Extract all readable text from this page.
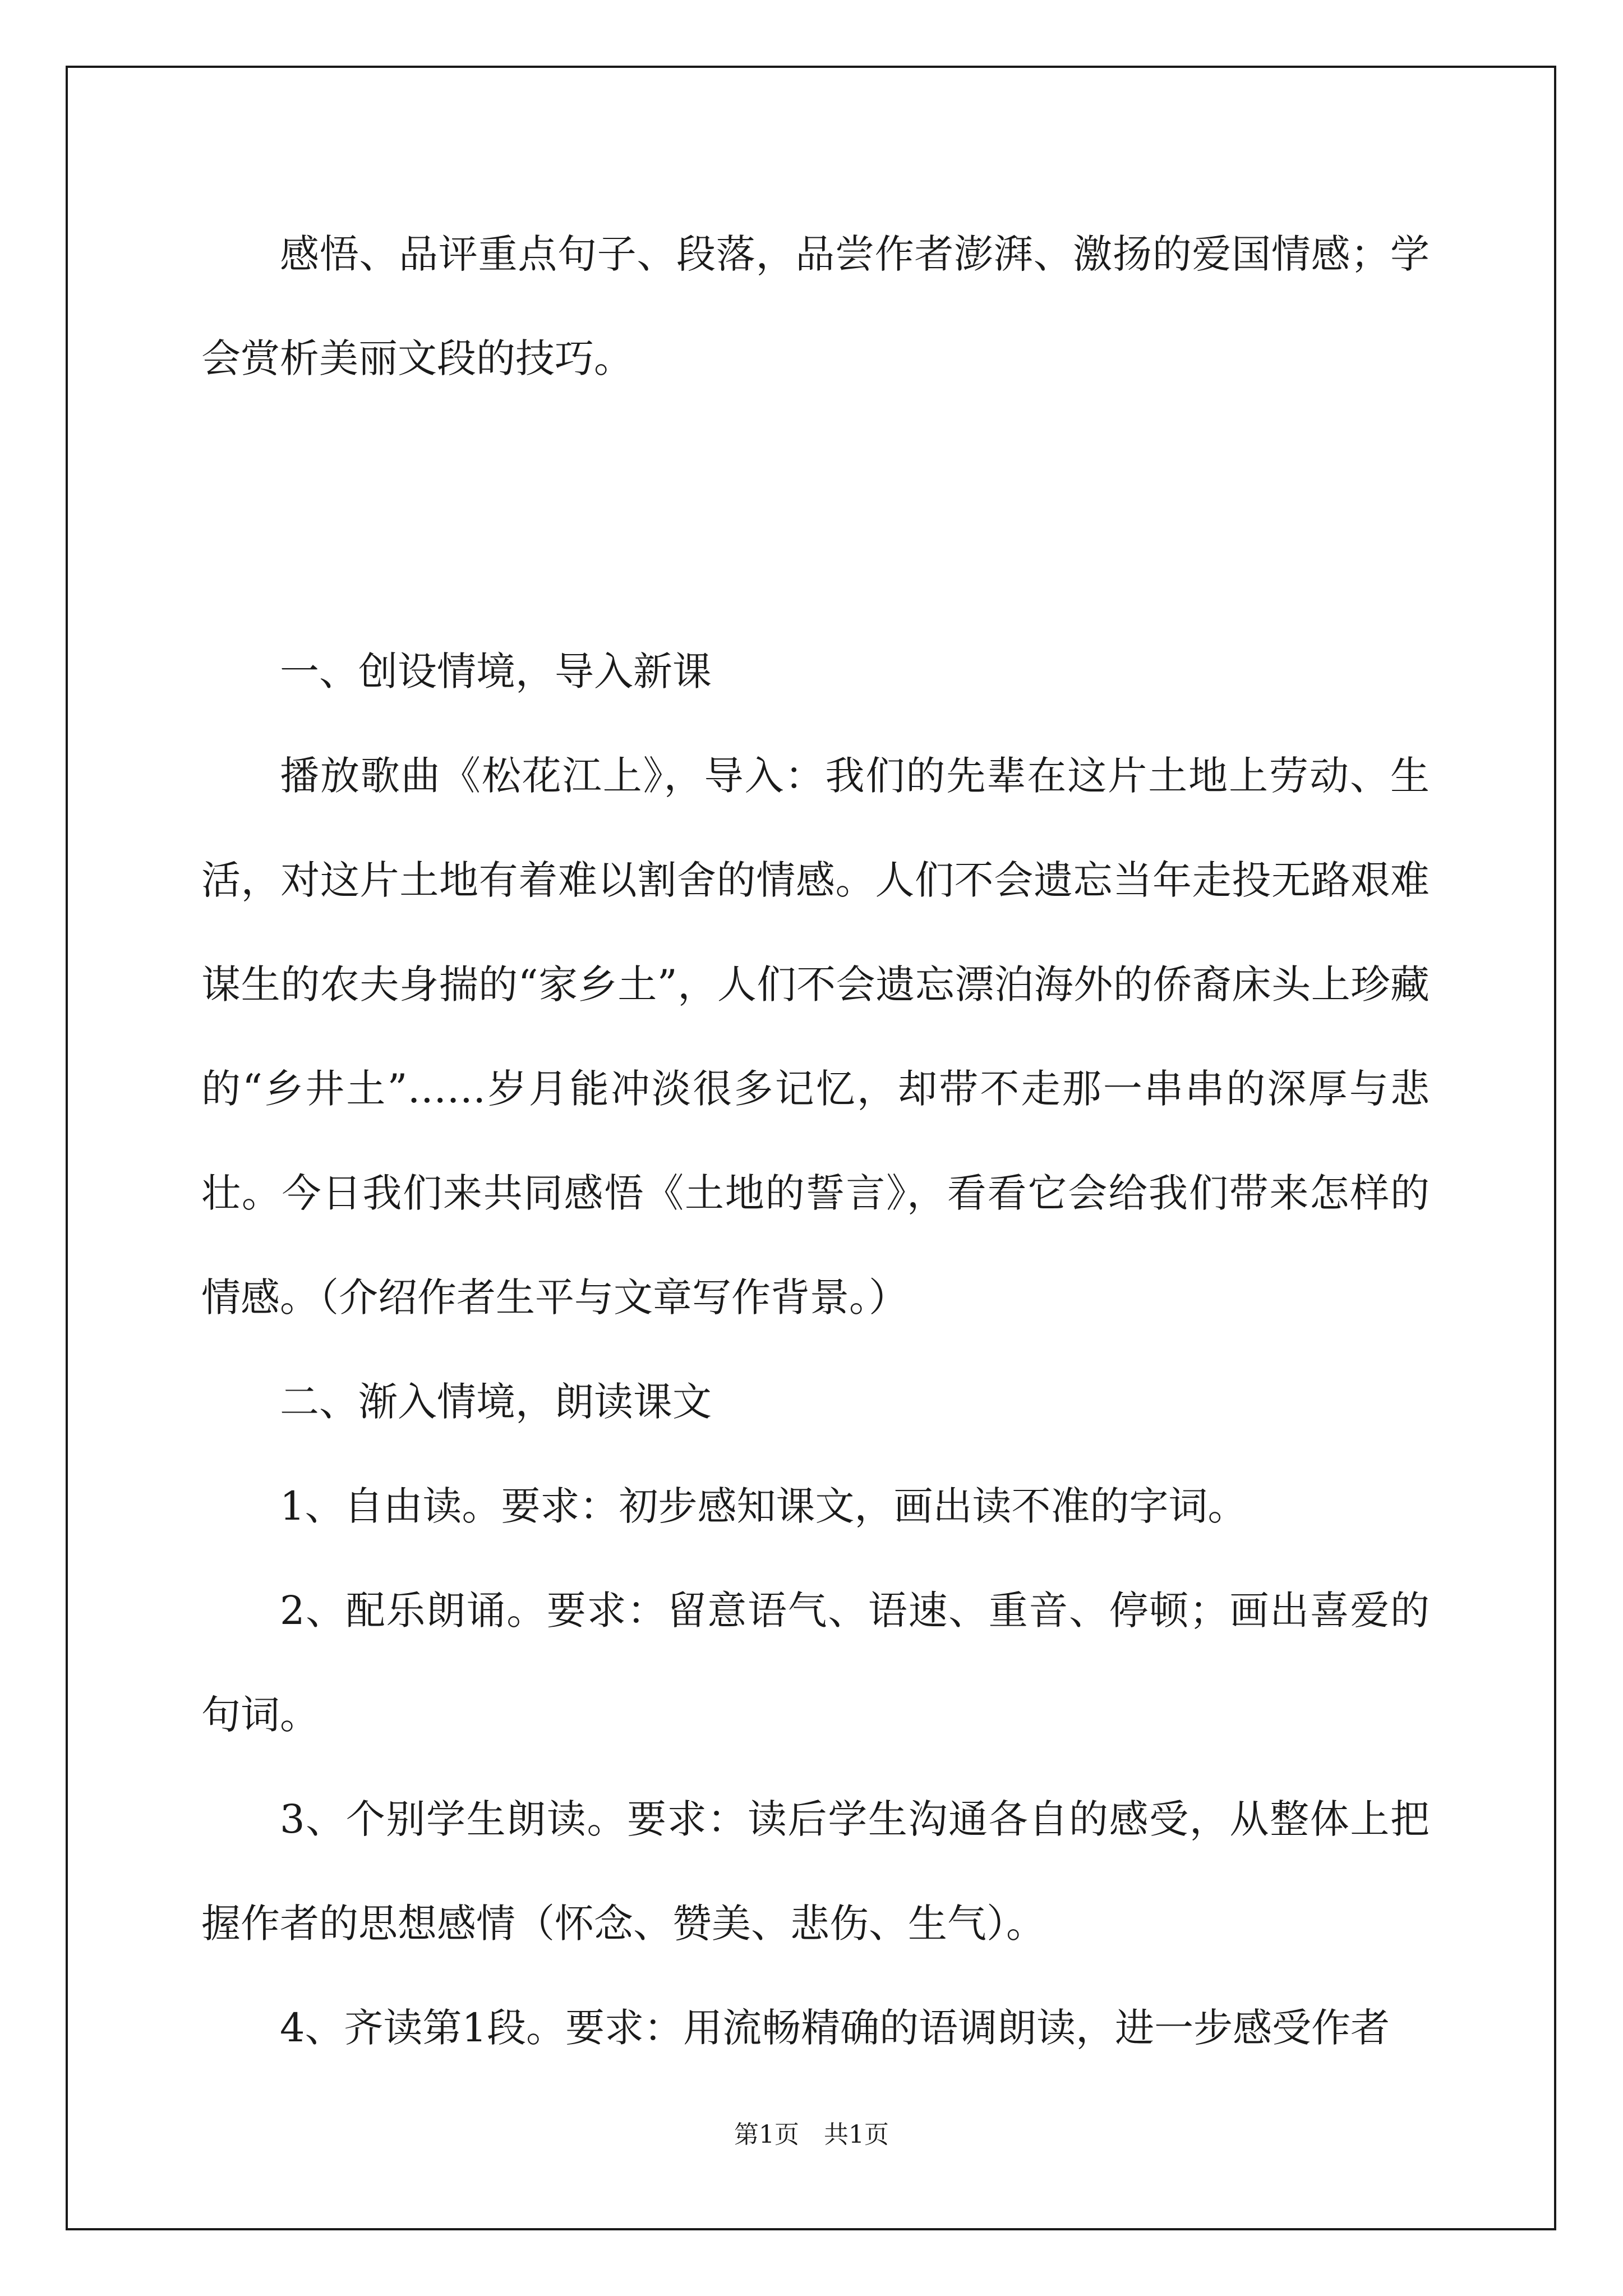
感悟、品评重点句子、段落，品尝作者澎湃、激扬的爱国情感；学会赏析美丽文段的技巧。

一、创设情境，导入新课

播放歌曲《松花江上》，导入：我们的先辈在这片土地上劳动、生活，对这片土地有着难以割舍的情感。人们不会遗忘当年走投无路艰难谋生的农夫身揣的“家乡土”，人们不会遗忘漂泊海外的侨裔床头上珍藏的“乡井土”……岁月能冲淡很多记忆，却带不走那一串串的深厚与悲壮。今日我们来共同感悟《土地的誓言》，看看它会给我们带来怎样的情感。（介绍作者生平与文章写作背景。）

二、渐入情境，朗读课文

1、自由读。要求：初步感知课文，画出读不准的字词。

2、配乐朗诵。要求：留意语气、语速、重音、停顿；画出喜爱的句词。

3、个别学生朗读。要求：读后学生沟通各自的感受，从整体上把握作者的思想感情（怀念、赞美、悲伤、生气）。

4、齐读第1段。要求：用流畅精确的语调朗读，进一步感受作者

第1页　共1页
